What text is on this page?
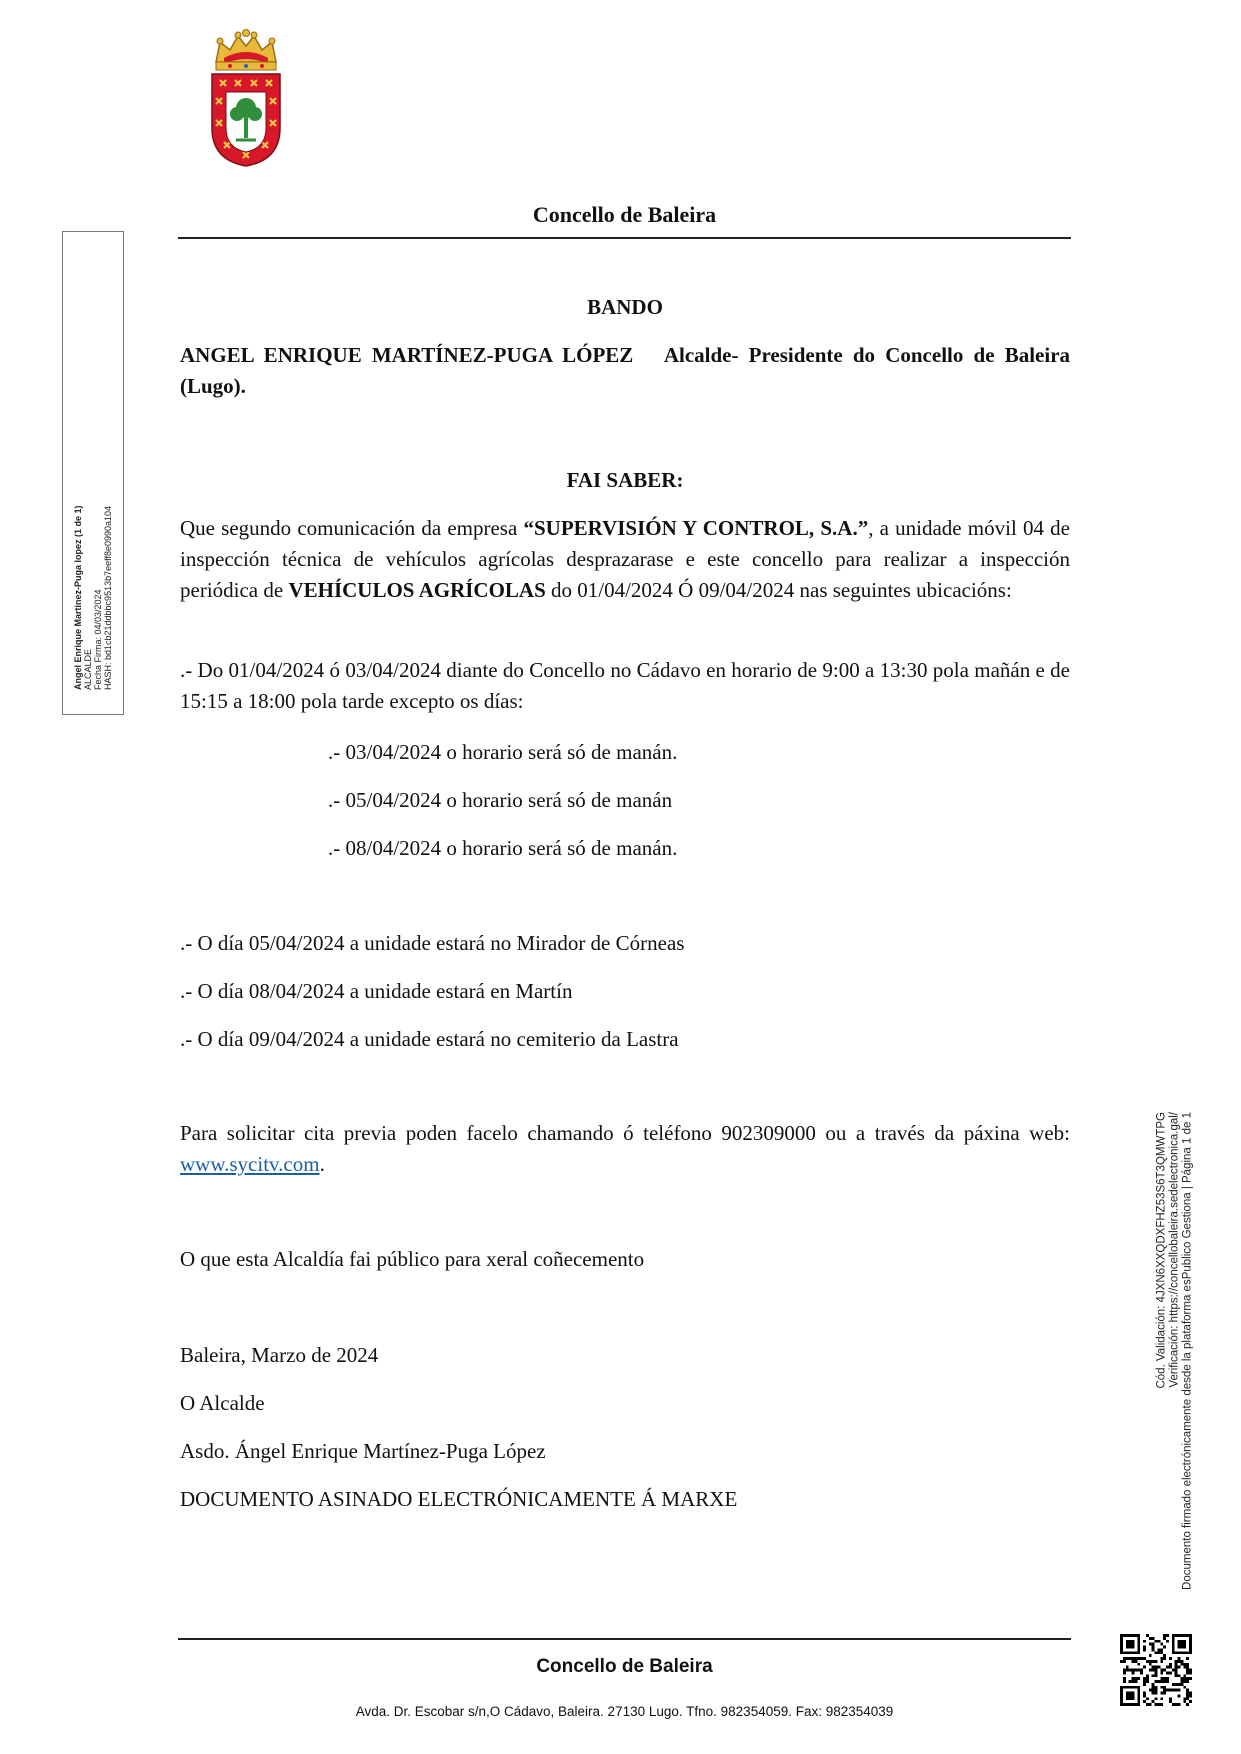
Concello de Baleira
Angel Enrique Martinez-Puga lopez (1 de 1) ALCALDE Fecha Firma: 04/03/2024 HASH: bd1cb21ddbbc9513b7eeff8e0990a104
BANDO

ANGEL ENRIQUE MARTÍNEZ-PUGA LÓPEZ Alcalde- Presidente do Concello de Baleira (Lugo).

FAI SABER:

Que segundo comunicación da empresa “SUPERVISIÓN Y CONTROL, S.A.”, a unidade móvil 04 de inspección técnica de vehículos agrícolas desprazarase e este concello para realizar a inspección periódica de VEHÍCULOS AGRÍCOLAS do 01/04/2024 Ó 09/04/2024 nas seguintes ubicacións:

.- Do 01/04/2024 ó 03/04/2024 diante do Concello no Cádavo en horario de 9:00 a 13:30 pola mañán e de 15:15 a 18:00 pola tarde excepto os días:

.- 03/04/2024 o horario será só de manán.
.- 05/04/2024 o horario será só de manán
.- 08/04/2024 o horario será só de manán.
.- O día 05/04/2024 a unidade estará no Mirador de Córneas
.- O día 08/04/2024 a unidade estará en Martín
.- O día 09/04/2024 a unidade estará no cemiterio da Lastra

Para solicitar cita previa poden facelo chamando ó teléfono 902309000 ou a través da páxina web: www.sycitv.com.

O que esta Alcaldía fai público para xeral coñecemento
Baleira, Marzo de 2024
O Alcalde
Asdo. Ángel Enrique Martínez-Puga López
DOCUMENTO ASINADO ELECTRÓNICAMENTE Á MARXE
Cód. Validación: 4JXN6XXQDXFHZ53S6T3QMWTPG Verificación: https://concellobaleira.sedelectronica.gal/ Documento firmado electrónicamente desde la plataforma esPublico Gestiona | Página 1 de 1
Concello de Baleira
Avda. Dr. Escobar s/n,O Cádavo, Baleira. 27130 Lugo. Tfno. 982354059. Fax: 982354039
